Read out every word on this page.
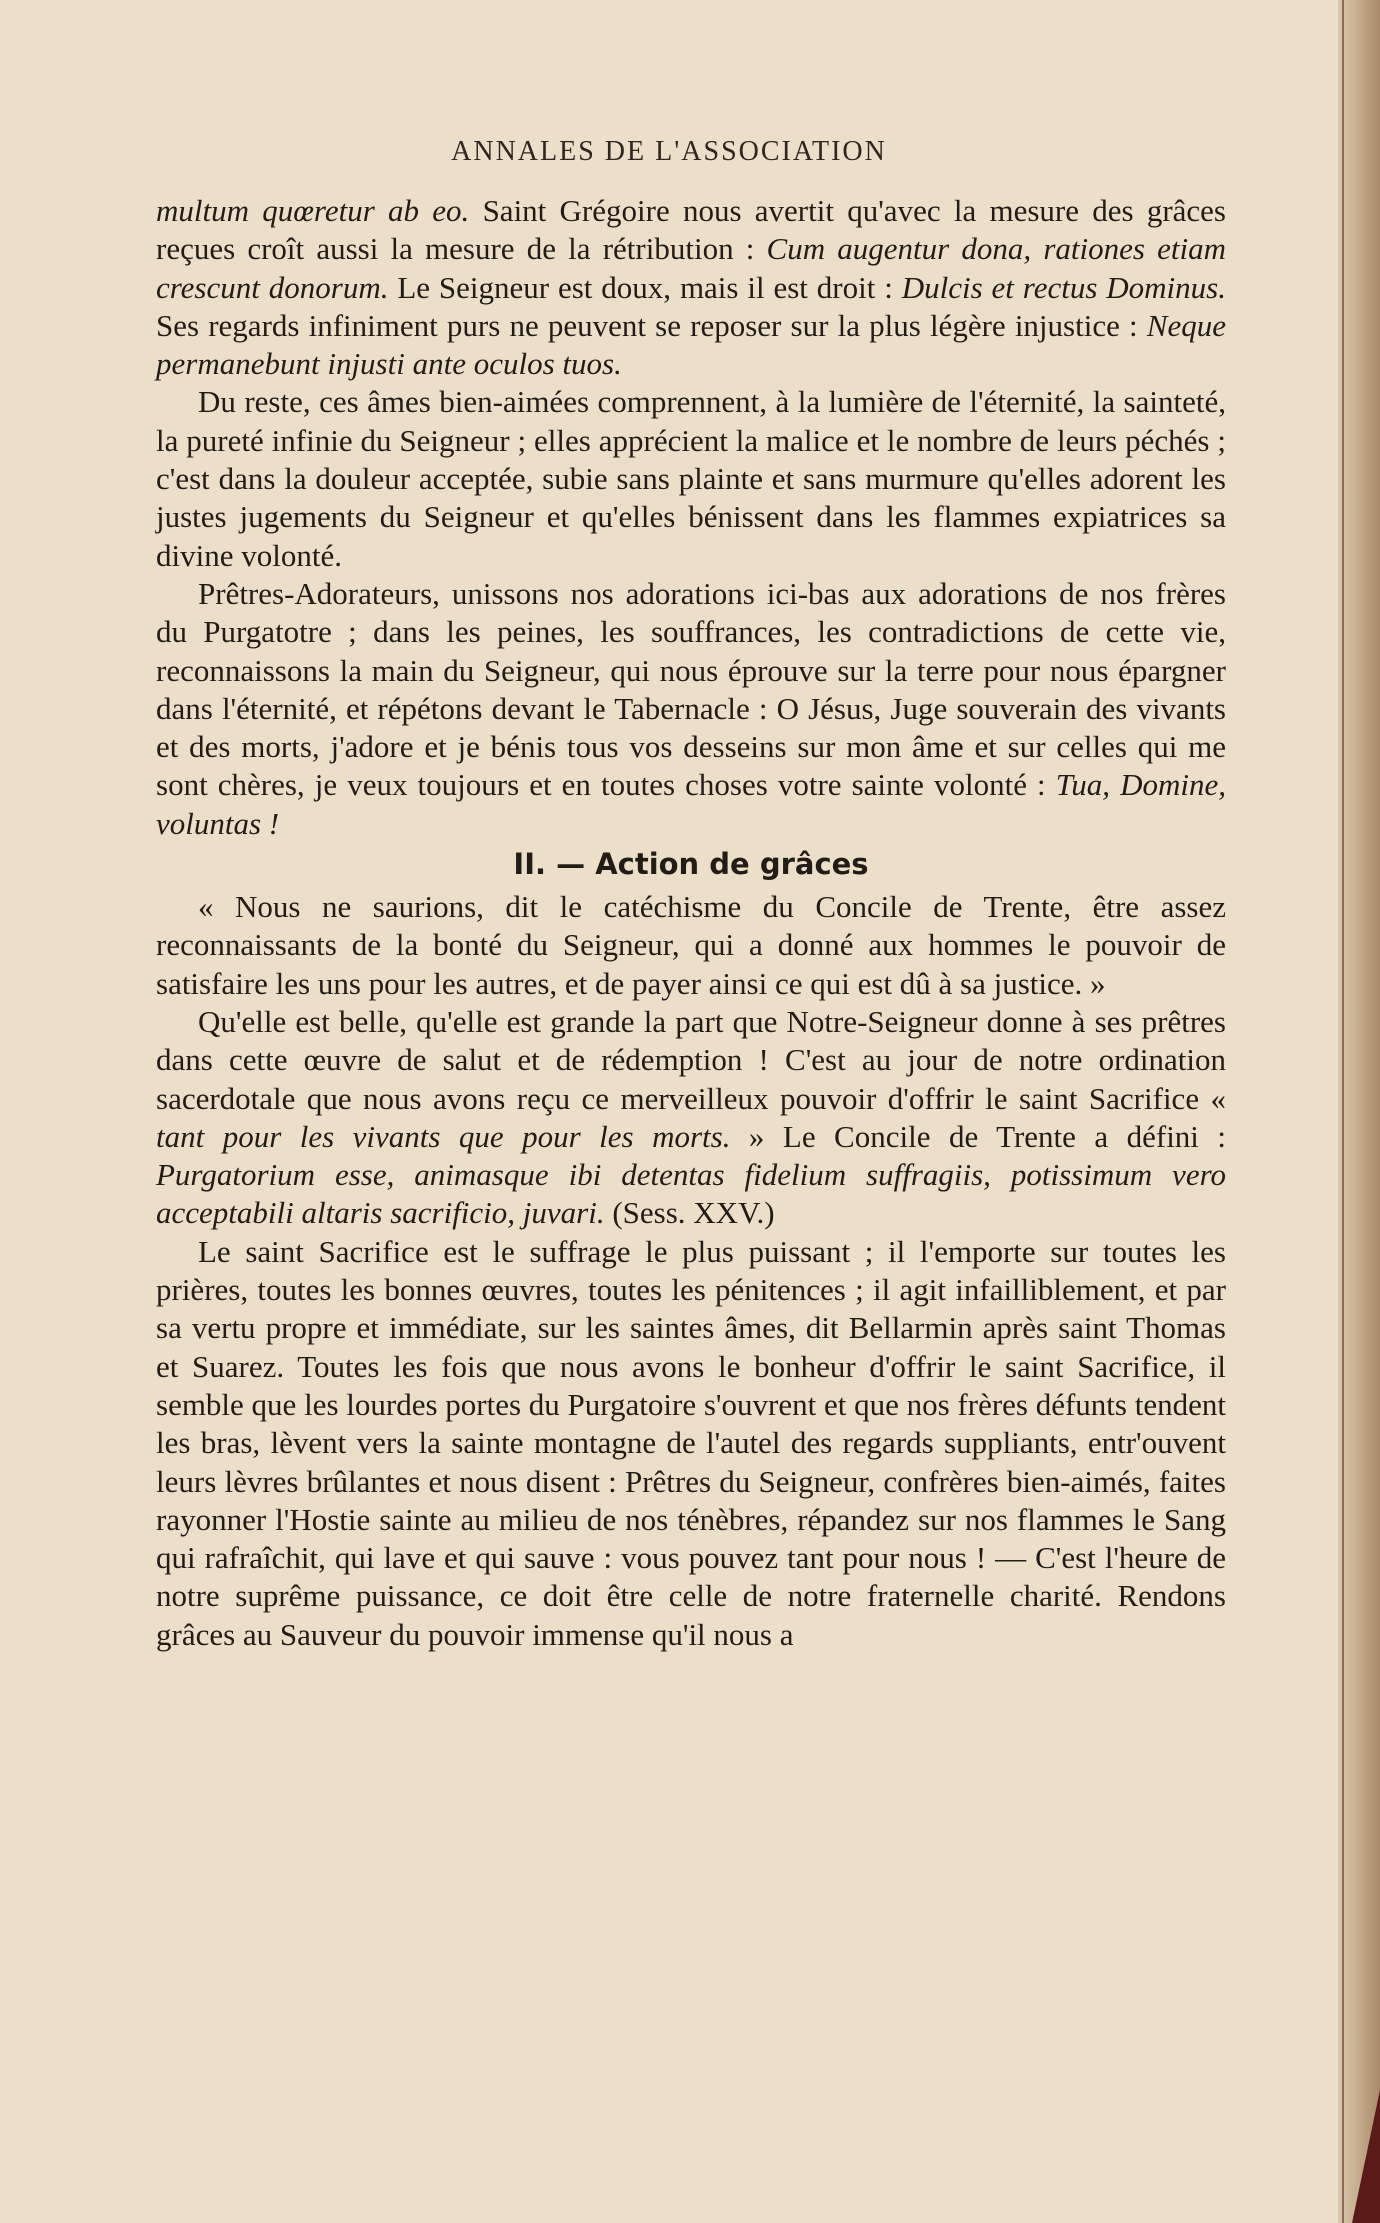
ANNALES DE L'ASSOCIATION

multum quœretur ab eo. Saint Grégoire nous avertit qu'avec la mesure des grâces reçues croît aussi la mesure de la rétribution : Cum augentur dona, rationes etiam crescunt donorum. Le Seigneur est doux, mais il est droit : Dulcis et rectus Dominus. Ses regards infiniment purs ne peuvent se reposer sur la plus légère injustice : Neque permanebunt injusti ante oculos tuos.

Du reste, ces âmes bien-aimées comprennent, à la lumière de l'éternité, la sainteté, la pureté infinie du Seigneur ; elles apprécient la malice et le nombre de leurs péchés ; c'est dans la douleur acceptée, subie sans plainte et sans murmure qu'elles adorent les justes jugements du Seigneur et qu'elles bénissent dans les flammes expiatrices sa divine volonté.

Prêtres-Adorateurs, unissons nos adorations ici-bas aux adorations de nos frères du Purgatotre ; dans les peines, les souffrances, les contradictions de cette vie, reconnaissons la main du Seigneur, qui nous éprouve sur la terre pour nous épargner dans l'éternité, et répétons devant le Tabernacle : O Jésus, Juge souverain des vivants et des morts, j'adore et je bénis tous vos desseins sur mon âme et sur celles qui me sont chères, je veux toujours et en toutes choses votre sainte volonté : Tua, Domine, voluntas !

II. — Action de grâces

« Nous ne saurions, dit le catéchisme du Concile de Trente, être assez reconnaissants de la bonté du Seigneur, qui a donné aux hommes le pouvoir de satisfaire les uns pour les autres, et de payer ainsi ce qui est dû à sa justice. »

Qu'elle est belle, qu'elle est grande la part que Notre-Seigneur donne à ses prêtres dans cette œuvre de salut et de rédemption ! C'est au jour de notre ordination sacerdotale que nous avons reçu ce merveilleux pouvoir d'offrir le saint Sacrifice « tant pour les vivants que pour les morts. » Le Concile de Trente a défini : Purgatorium esse, animasque ibi detentas fidelium suffragiis, potissimum vero acceptabili altaris sacrificio, juvari. (Sess. XXV.)

Le saint Sacrifice est le suffrage le plus puissant ; il l'emporte sur toutes les prières, toutes les bonnes œuvres, toutes les pénitences ; il agit infailliblement, et par sa vertu propre et immédiate, sur les saintes âmes, dit Bellarmin après saint Thomas et Suarez. Toutes les fois que nous avons le bonheur d'offrir le saint Sacrifice, il semble que les lourdes portes du Purgatoire s'ouvrent et que nos frères défunts tendent les bras, lèvent vers la sainte montagne de l'autel des regards suppliants, entr'ouvent leurs lèvres brûlantes et nous disent : Prêtres du Seigneur, confrères bien-aimés, faites rayonner l'Hostie sainte au milieu de nos ténèbres, répandez sur nos flammes le Sang qui rafraîchit, qui lave et qui sauve : vous pouvez tant pour nous ! — C'est l'heure de notre suprême puissance, ce doit être celle de notre fraternelle charité. Rendons grâces au Sauveur du pouvoir immense qu'il nous a
